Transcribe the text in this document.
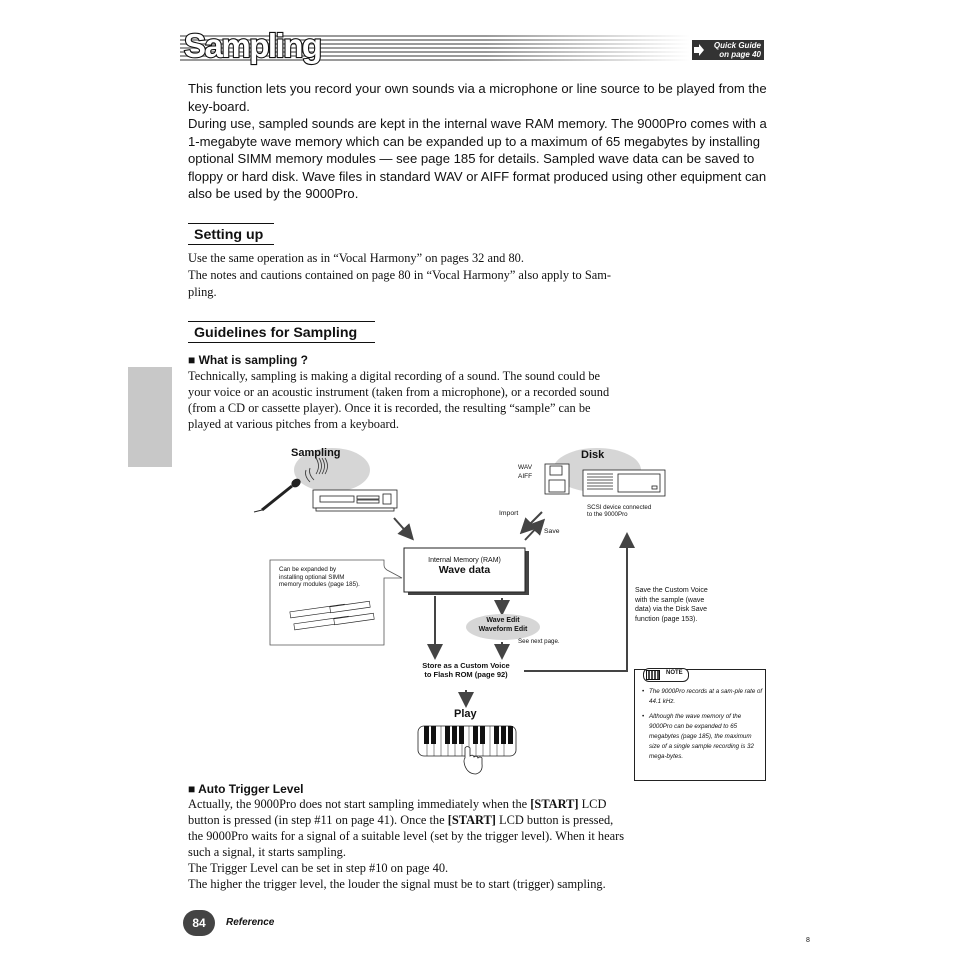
Sampling	Quick Guide
on page 40

This function lets you record your own sounds via a microphone or line source to be played from the key-board.

During use, sampled sounds are kept in the internal wave RAM memory. The 9000Pro comes with a 1-megabyte wave memory which can be expanded up to a maximum of 65 megabytes by installing optional SIMM memory modules — see page 185 for details. Sampled wave data can be saved to floppy or hard disk. Wave files in standard WAV or AIFF format produced using other equipment can also be used by the 9000Pro.

Setting up

Use the same operation as in “Vocal Harmony” on pages 32 and 80.

The notes and cautions contained on page 80 in “Vocal Harmony” also apply to Sam-pling.

Guidelines for Sampling
■ What is sampling ?

Technically, sampling is making a digital recording of a sound. The sound could be your voice or an acoustic instrument (taken from a microphone), or a recorded sound (from a CD or cassette player). Once it is recorded, the resulting “sample” can be played at various pitches from a keyboard.

Sampling	Disk
WAV
AIFF
SCSI device connected
to the 9000Pro
Import
Save
Can be expanded by
installing optional SIMM
memory modules (page 185).
Internal Memory (RAM)
Wave data
Wave Edit
Waveform Edit
See next page.
Store as a Custom Voice
to Flash ROM (page 92)
Save the Custom Voice
with the sample (wave
data) via the Disk Save
function (page 153).
Play
NOTE
• The 9000Pro records at a sam-ple rate of 44.1 kHz.
• Although the wave memory of the 9000Pro can be expanded to 65 megabytes (page 185), the maximum size of a single sample recording is 32 mega-bytes.
■ Auto Trigger Level

Actually, the 9000Pro does not start sampling immediately when the [START] LCD button is pressed (in step #11 on page 41). Once the [START] LCD button is pressed, the 9000Pro waits for a signal of a suitable level (set by the trigger level). When it hears such a signal, it starts sampling.

The Trigger Level can be set in step #10 on page 40.

The higher the trigger level, the louder the signal must be to start (trigger) sampling.

84	Reference
8
